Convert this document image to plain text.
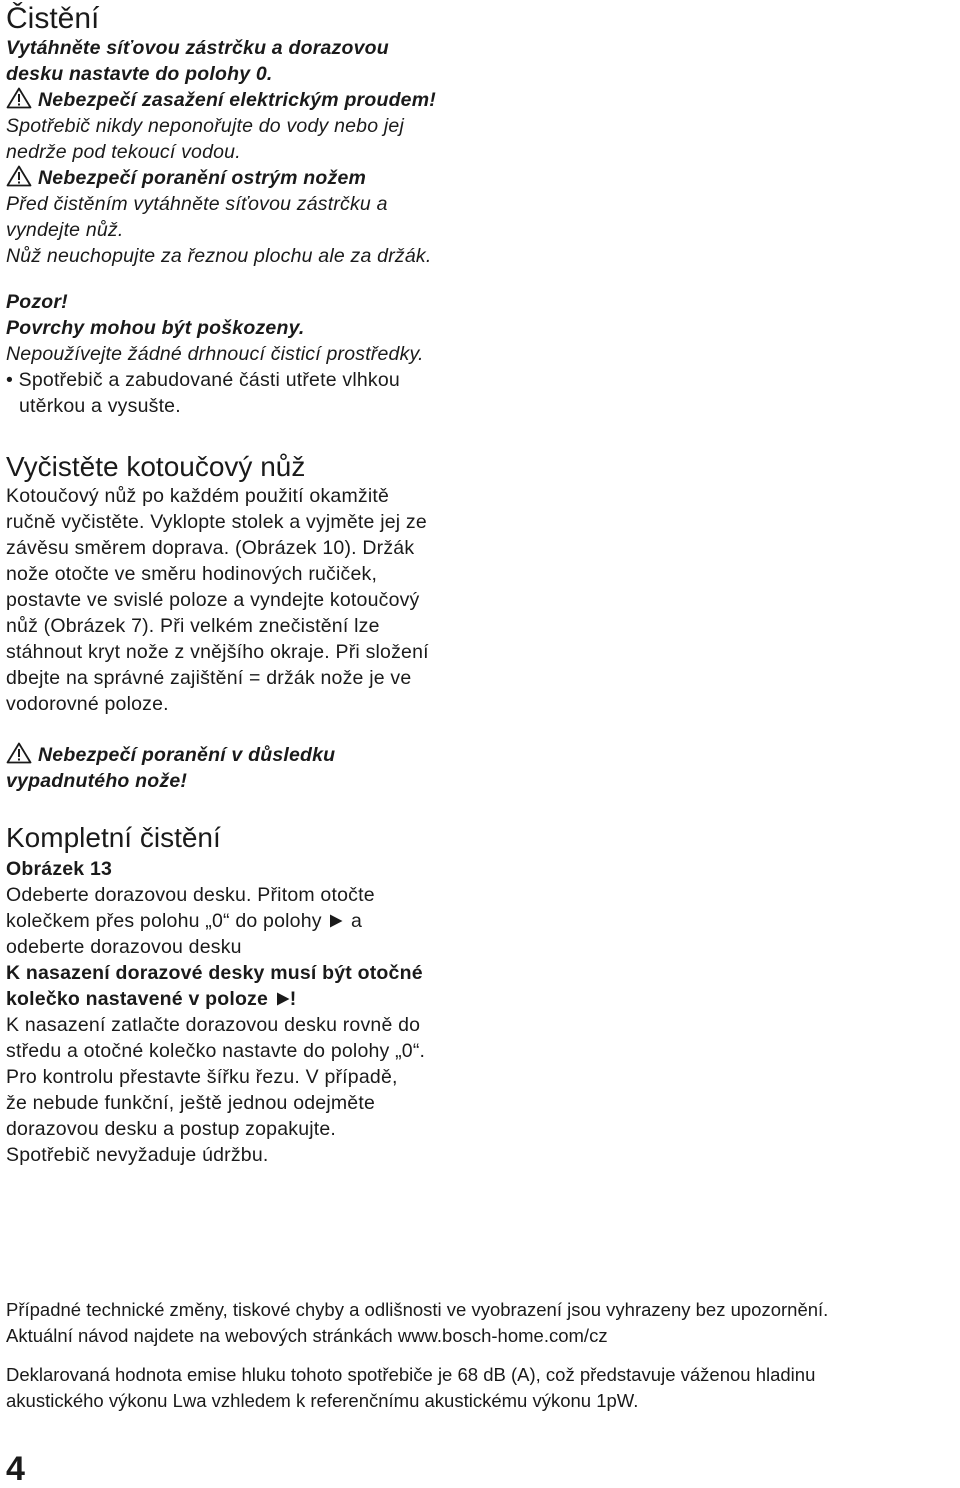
Čistění

Vytáhněte síťovou zástrčku a dorazovou

desku nastavte do polohy 0.

Nebezpečí zasažení elektrickým proudem!

Spotřebič nikdy neponořujte do vody nebo jej

nedrže pod tekoucí vodou.

Nebezpečí poranění ostrým nožem

Před čistěním vytáhněte síťovou zástrčku a

vyndejte nůž.

Nůž neuchopujte za řeznou plochu ale za držák.

Pozor!

Povrchy mohou být poškozeny.

Nepoužívejte žádné drhnoucí čisticí prostředky.

• Spotřebič a zabudované části utřete vlhkou

utěrkou a vysušte.

Vyčistěte kotoučový nůž

Kotoučový nůž po každém použití okamžitě

ručně vyčistěte. Vyklopte stolek a vyjměte jej ze

závěsu směrem doprava. (Obrázek 10). Držák

nože otočte ve směru hodinových ručiček,

postavte ve svislé poloze a vyndejte kotoučový

nůž (Obrázek 7). Při velkém znečistění lze

stáhnout kryt nože z vnějšího okraje. Při složení

dbejte na správné zajištění = držák nože je ve

vodorovné poloze.

Nebezpečí poranění v důsledku

vypadnutého nože!

Kompletní čistění

Obrázek 13

Odeberte dorazovou desku. Přitom otočte

kolečkem přes polohu „0“ do polohy a

odeberte dorazovou desku

K nasazení dorazové desky musí být otočné

kolečko nastavené v poloze !

K nasazení zatlačte dorazovou desku rovně do

středu a otočné kolečko nastavte do polohy „0“.

Pro kontrolu přestavte šířku řezu. V případě,

že nebude funkční, ještě jednou odejměte

dorazovou desku a postup zopakujte.

Spotřebič nevyžaduje údržbu.

Případné technické změny, tiskové chyby a odlišnosti ve vyobrazení jsou vyhrazeny bez upozornění.

Aktuální návod najdete na webových stránkách www.bosch-home.com/cz

Deklarovaná hodnota emise hluku tohoto spotřebiče je 68 dB (A), což představuje váženou hladinu

akustického výkonu Lwa vzhledem k referenčnímu akustickému výkonu 1pW.

4
